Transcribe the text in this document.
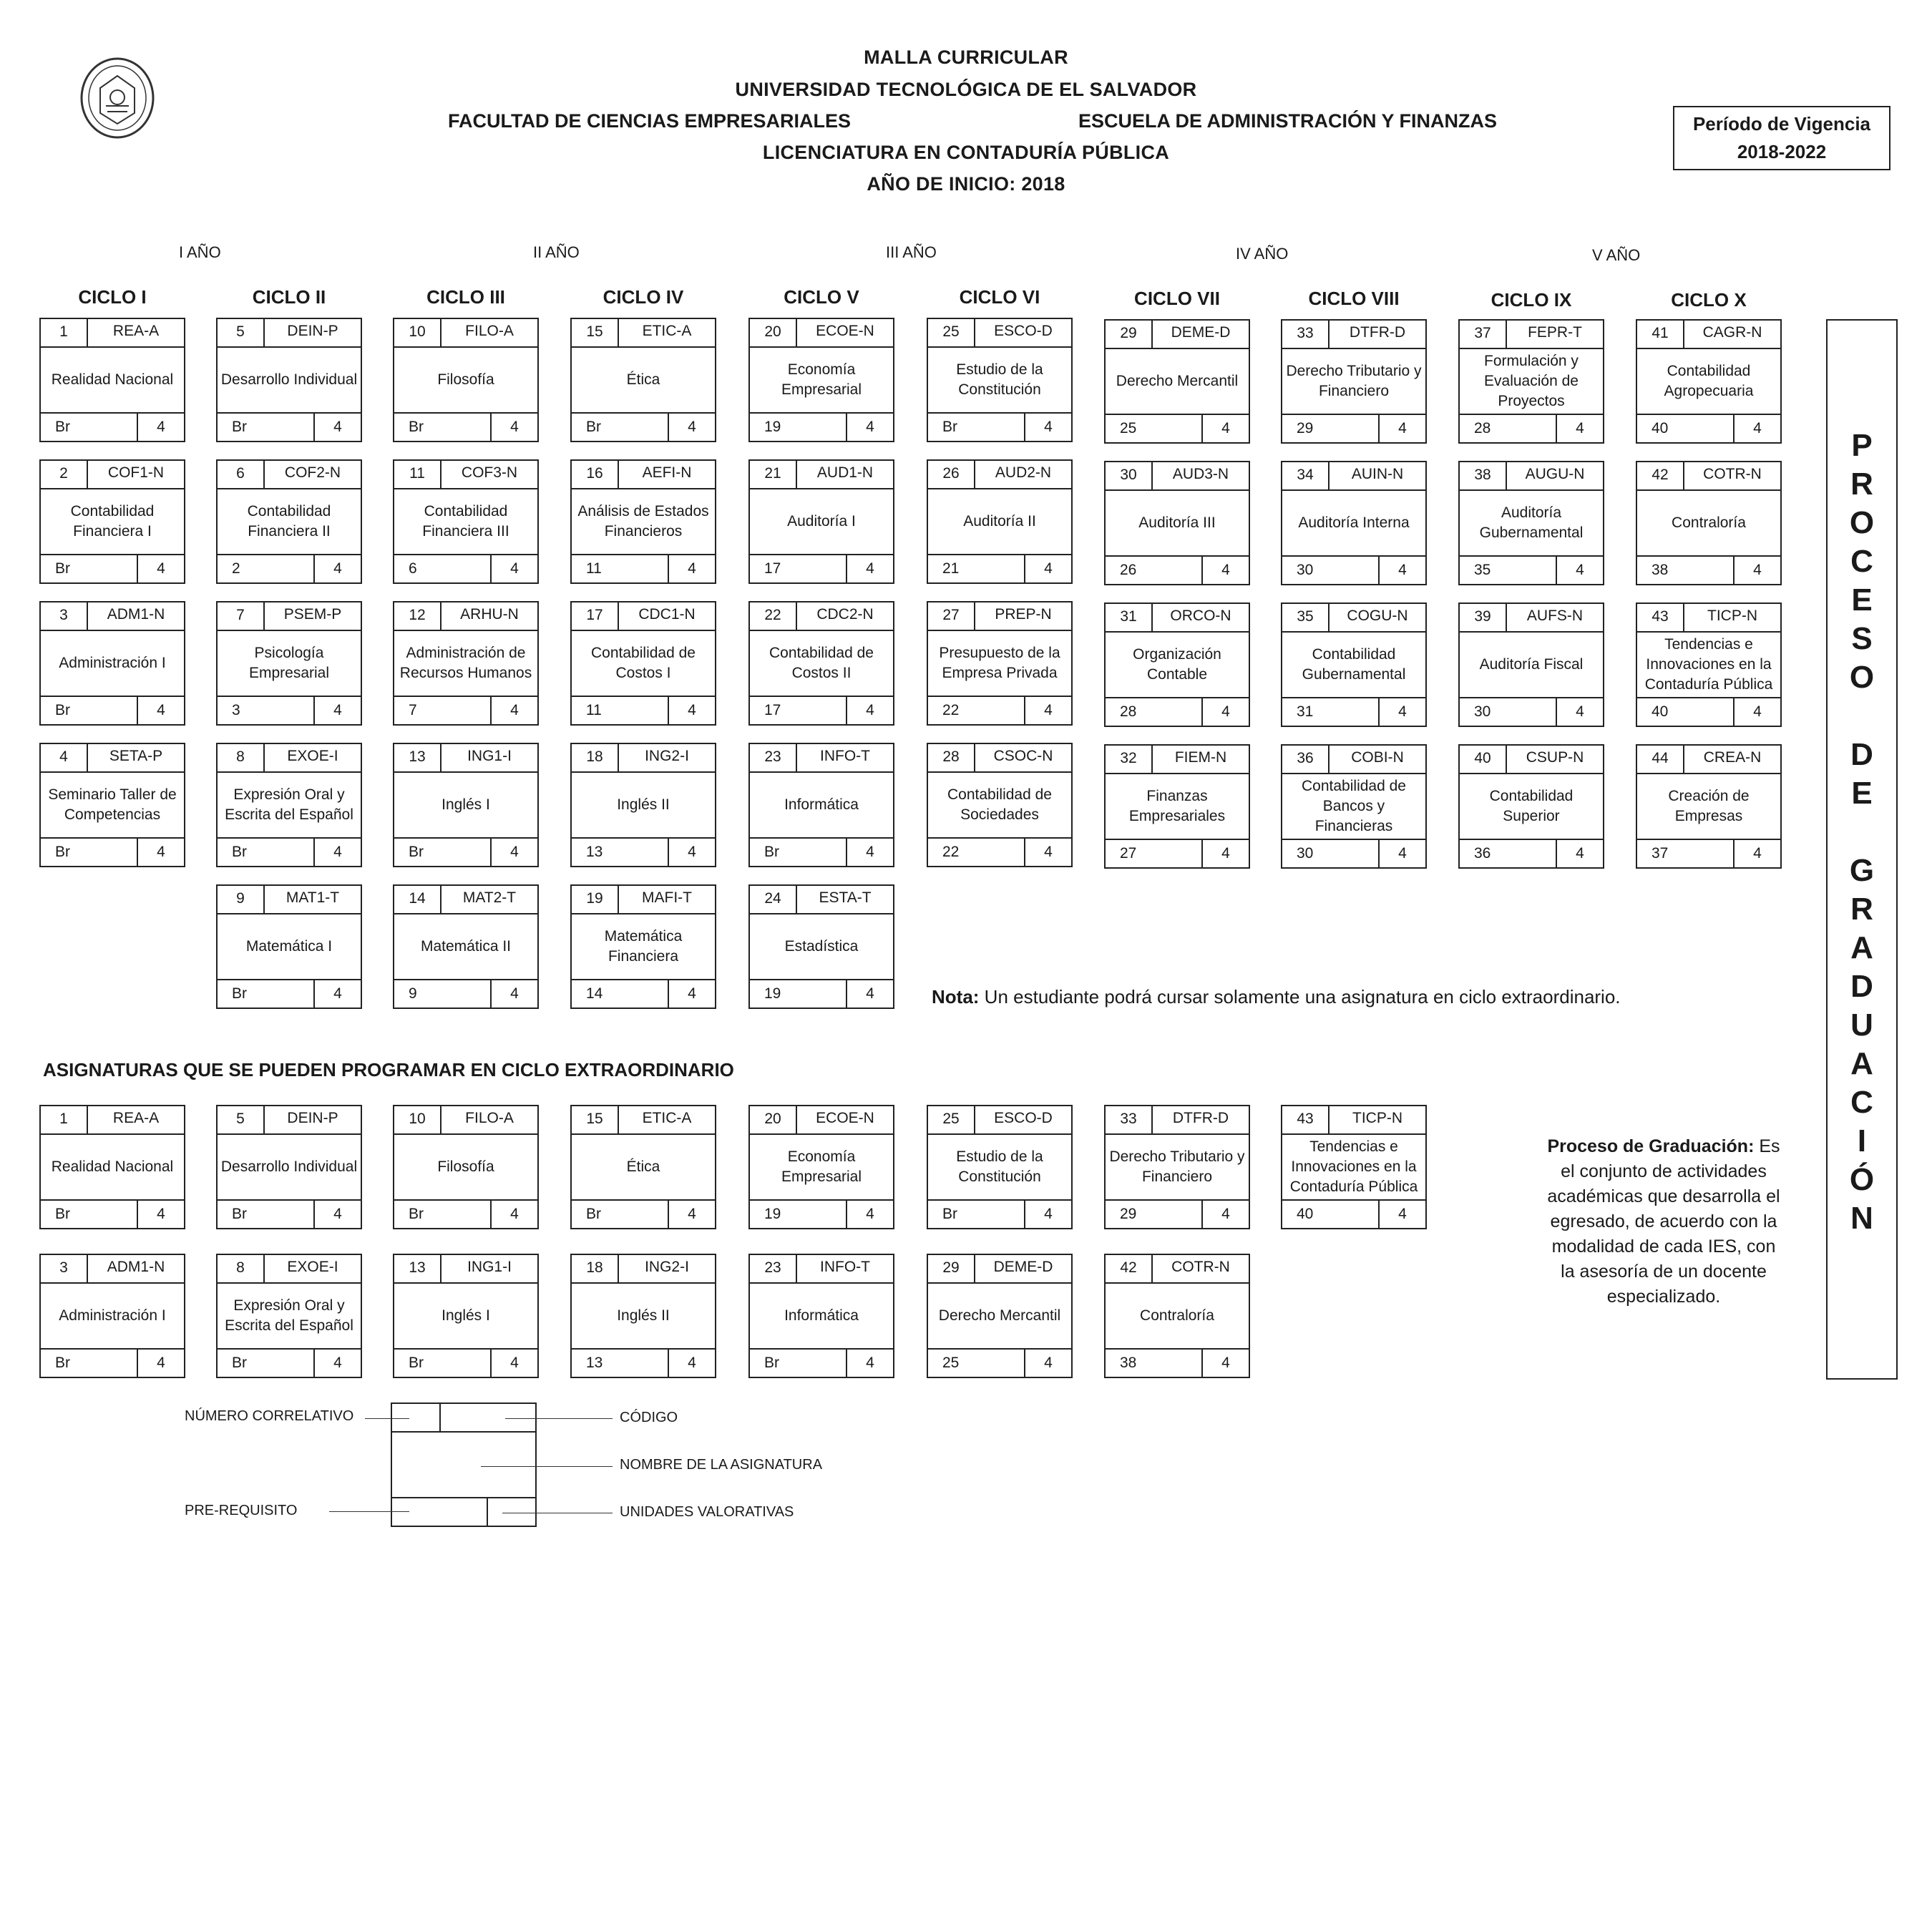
MALLA CURRICULAR
UNIVERSIDAD TECNOLÓGICA DE EL SALVADOR
FACULTAD DE CIENCIAS EMPRESARIALES	ESCUELA DE ADMINISTRACIÓN Y FINANZAS
LICENCIATURA EN CONTADURÍA PÚBLICA
AÑO DE INICIO: 2018
Período de Vigencia
2018-2022
I AÑO	II AÑO	III AÑO	IV AÑO	V AÑO
CICLO I	CICLO II	CICLO III	CICLO IV	CICLO V	CICLO VI	CICLO VII	CICLO VIII	CICLO IX	CICLO X
1	REA-A
Realidad Nacional
Br	4
2	COF1-N
Contabilidad Financiera I
Br	4
3	ADM1-N
Administración I
Br	4
4	SETA-P
Seminario Taller de Competencias
Br	4
5	DEIN-P
Desarrollo Individual
Br	4
6	COF2-N
Contabilidad Financiera II
2	4
7	PSEM-P
Psicología Empresarial
3	4
8	EXOE-I
Expresión Oral y Escrita del Español
Br	4
9	MAT1-T
Matemática I
Br	4
10	FILO-A
Filosofía
Br	4
11	COF3-N
Contabilidad Financiera III
6	4
12	ARHU-N
Administración de Recursos Humanos
7	4
13	ING1-I
Inglés I
Br	4
14	MAT2-T
Matemática II
9	4
15	ETIC-A
Ética
Br	4
16	AEFI-N
Análisis de Estados Financieros
11	4
17	CDC1-N
Contabilidad de Costos I
11	4
18	ING2-I
Inglés II
13	4
19	MAFI-T
Matemática Financiera
14	4
20	ECOE-N
Economía Empresarial
19	4
21	AUD1-N
Auditoría I
17	4
22	CDC2-N
Contabilidad de Costos II
17	4
23	INFO-T
Informática
Br	4
24	ESTA-T
Estadística
19	4
25	ESCO-D
Estudio de la Constitución
Br	4
26	AUD2-N
Auditoría II
21	4
27	PREP-N
Presupuesto de la Empresa Privada
22	4
28	CSOC-N
Contabilidad de Sociedades
22	4
29	DEME-D
Derecho Mercantil
25	4
30	AUD3-N
Auditoría III
26	4
31	ORCO-N
Organización Contable
28	4
32	FIEM-N
Finanzas Empresariales
27	4
33	DTFR-D
Derecho Tributario y Financiero
29	4
34	AUIN-N
Auditoría Interna
30	4
35	COGU-N
Contabilidad Gubernamental
31	4
36	COBI-N
Contabilidad de Bancos y Financieras
30	4
37	FEPR-T
Formulación y Evaluación de Proyectos
28	4
38	AUGU-N
Auditoría Gubernamental
35	4
39	AUFS-N
Auditoría Fiscal
30	4
40	CSUP-N
Contabilidad Superior
36	4
41	CAGR-N
Contabilidad Agropecuaria
40	4
42	COTR-N
Contraloría
38	4
43	TICP-N
Tendencias e Innovaciones en la Contaduría Pública
40	4
44	CREA-N
Creación de Empresas
37	4
Nota: Un estudiante podrá cursar solamente una asignatura en ciclo extraordinario.
ASIGNATURAS QUE SE PUEDEN PROGRAMAR EN CICLO EXTRAORDINARIO
1	REA-A
Realidad Nacional
Br	4
5	DEIN-P
Desarrollo Individual
Br	4
10	FILO-A
Filosofía
Br	4
15	ETIC-A
Ética
Br	4
20	ECOE-N
Economía Empresarial
19	4
25	ESCO-D
Estudio de la Constitución
Br	4
33	DTFR-D
Derecho Tributario y Financiero
29	4
43	TICP-N
Tendencias e Innovaciones en la Contaduría Pública
40	4
3	ADM1-N
Administración I
Br	4
8	EXOE-I
Expresión Oral y Escrita del Español
Br	4
13	ING1-I
Inglés I
Br	4
18	ING2-I
Inglés II
13	4
23	INFO-T
Informática
Br	4
29	DEME-D
Derecho Mercantil
25	4
42	COTR-N
Contraloría
38	4
P
R
O
C
E
S
O
D
E
G
R
A
D
U
A
C
I
Ó
N
Proceso de Graduación: Es el conjunto de actividades académicas que desarrolla el egresado, de acuerdo con la modalidad de cada IES, con la asesoría de un docente especializado.
NÚMERO CORRELATIVO	CÓDIGO
NOMBRE DE LA ASIGNATURA
PRE-REQUISITO	UNIDADES VALORATIVAS
